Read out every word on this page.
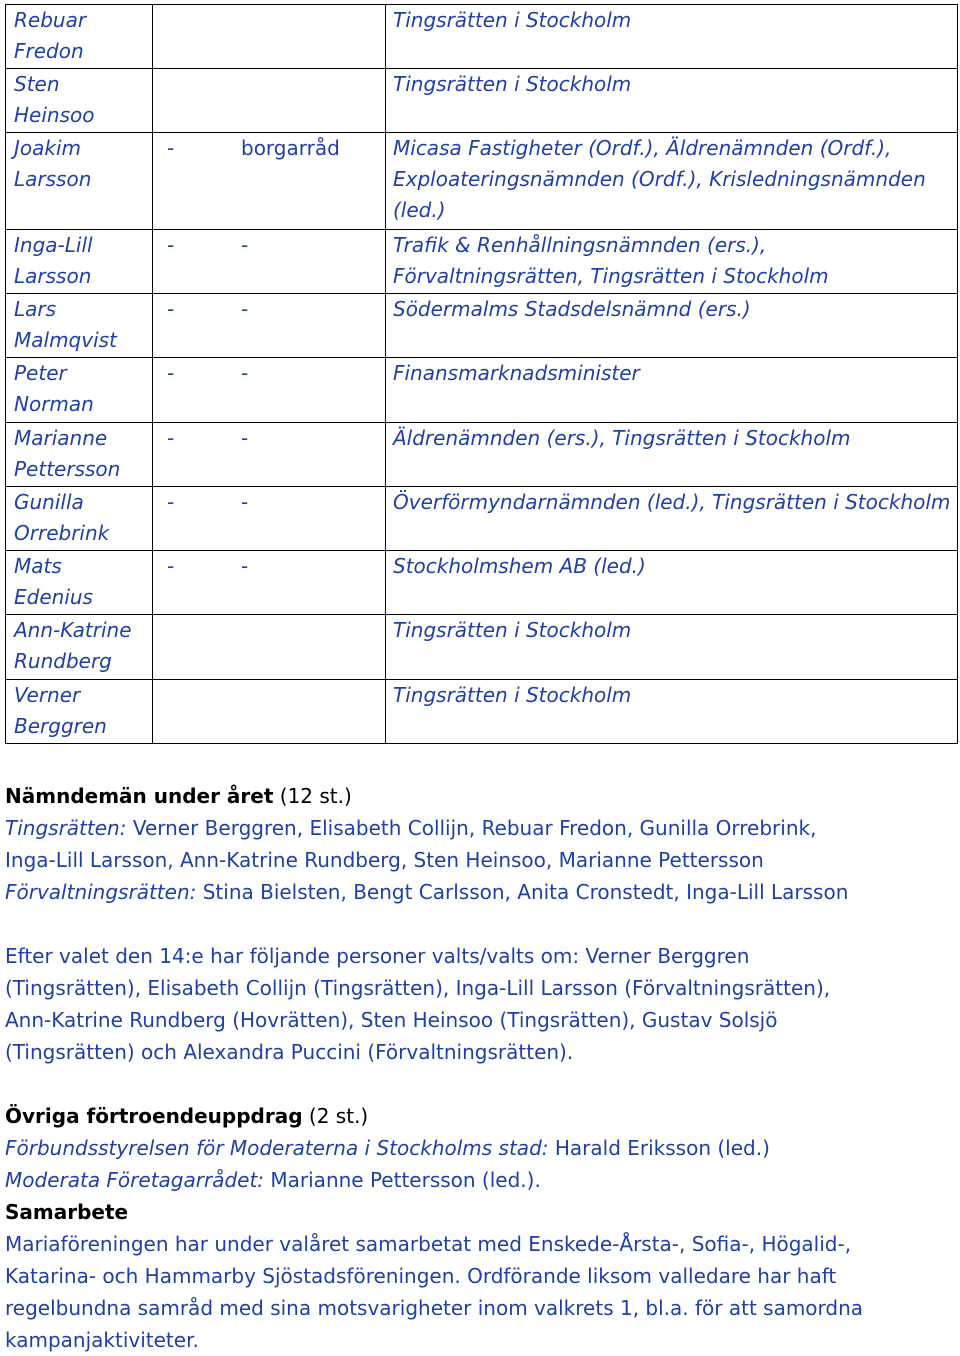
Rebuar
Fredon		Tingsrätten i Stockholm

Sten
Heinsoo		Tingsrätten i Stockholm

Joakim
Larsson	- borgarråd	Micasa Fastigheter (Ordf.), Äldrenämnden (Ordf.), Exploateringsnämnden (Ordf.), Krisledningsnämnden (led.)

Inga-Lill
Larsson	- -	Trafik & Renhållningsnämnden (ers.), Förvaltningsrätten, Tingsrätten i Stockholm

Lars
Malmqvist	- -	Södermalms Stadsdelsnämnd (ers.)

Peter
Norman	- -	Finansmarknadsminister

Marianne
Pettersson	- -	Äldrenämnden (ers.), Tingsrätten i Stockholm

Gunilla
Orrebrink	- -	Överförmyndarnämnden (led.), Tingsrätten i Stockholm

Mats
Edenius	- -	Stockholmshem AB (led.)

Ann-Katrine
Rundberg		Tingsrätten i Stockholm

Verner
Berggren		Tingsrätten i Stockholm

Nämndemän under året (12 st.)

Tingsrätten: Verner Berggren, Elisabeth Collijn, Rebuar Fredon, Gunilla Orrebrink,

Inga-Lill Larsson, Ann-Katrine Rundberg, Sten Heinsoo, Marianne Pettersson

Förvaltningsrätten: Stina Bielsten, Bengt Carlsson, Anita Cronstedt, Inga-Lill Larsson

Efter valet den 14:e har följande personer valts/valts om: Verner Berggren

(Tingsrätten), Elisabeth Collijn (Tingsrätten), Inga-Lill Larsson (Förvaltningsrätten),

Ann-Katrine Rundberg (Hovrätten), Sten Heinsoo (Tingsrätten), Gustav Solsjö

(Tingsrätten) och Alexandra Puccini (Förvaltningsrätten).

Övriga förtroendeuppdrag (2 st.)

Förbundsstyrelsen för Moderaterna i Stockholms stad: Harald Eriksson (led.)

Moderata Företagarrådet: Marianne Pettersson (led.).

Samarbete

Mariaföreningen har under valåret samarbetat med Enskede-Årsta-, Sofia-, Högalid-,

Katarina- och Hammarby Sjöstadsföreningen. Ordförande liksom valledare har haft

regelbundna samråd med sina motsvarigheter inom valkrets 1, bl.a. för att samordna

kampanjaktiviteter.
